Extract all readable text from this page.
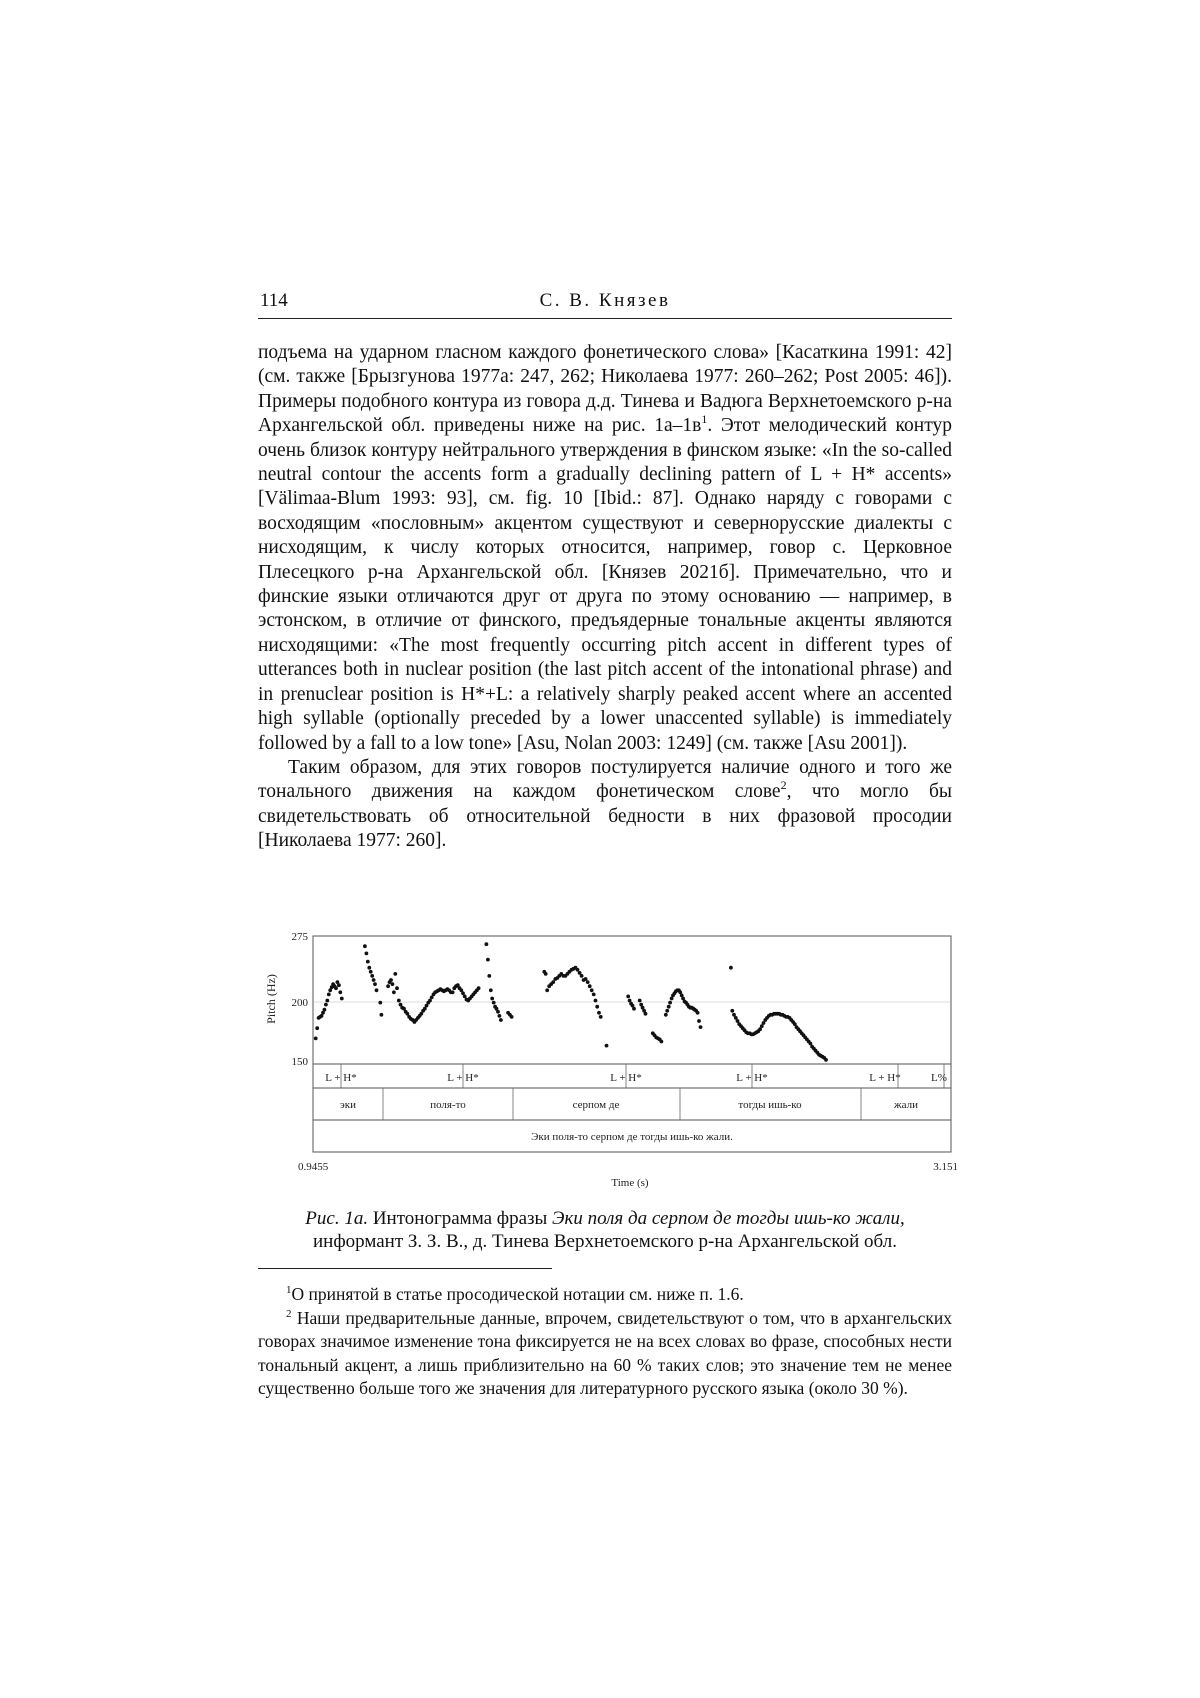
114	С. В. Князев

подъема на ударном гласном каждого фонетического слова» [Касаткина 1991: 42] (см. также [Брызгунова 1977а: 247, 262; Николаева 1977: 260–262; Post 2005: 46]). Примеры подобного контура из говора д.д. Тинева и Вадюга Верхнетоемского р-на Архангельской обл. приведены ниже на рис. $1а-1в^1$. Этот мелодический контур очень близок контуру нейтрального утверждения в финском языке: «In the so-called neutral contour the accents form a gradually declining pattern of L + H* accents» [Välimaa-Blum 1993: 93], см. fig. 10 [Ibid.: 87]. Однако наряду с говорами с восходящим «пословным» акцентом существуют и севернорусские диалекты с нисходящим, к числу которых относится, например, говор с. Церковное Плесецкого р-на Архангельской обл. [Князев 2021б]. Примечательно, что и финские языки отличаются друг от друга по этому основанию — например, в эстонском, в отличие от финского, предъядерные тональные акценты являются нисходящими: «The most frequently occurring pitch accent in different types of utterances both in nuclear position (the last pitch accent of the intonational phrase) and in prenuclear position is H*+L: a relatively sharply peaked accent where an accented high syllable (optionally preceded by a lower unaccented syllable) is immediately followed by a fall to a low tone» [Asu, Nolan 2003: 1249] (см. также [Asu 2001]).

Таким образом, для этих говоров постулируется наличие одного и того же тонального движения на каждом фонетическом слове$^2$, что могло бы свидетельствовать об относительной бедности в них фразовой просодии [Николаева 1977: 260].

Pitch (Hz)
275
200
150
L + H*	L + H*	L + H*	L + H*	L + H*	L%
эки	поля-то	серпом де	тогды ишь-ко	жали
Эки поля-то серпом де тогды ишь-ко жали.
0.9455	3.151
Time (s)
Рис. 1а. Интонограмма фразы Эки поля да серпом де тогды ишь-ко жали,
информант З. З. В., д. Тинева Верхнетоемского р-на Архангельской обл.

$^1$О принятой в статье просодической нотации см. ниже п. 1.6.

$^2$ Наши предварительные данные, впрочем, свидетельствуют о том, что в архангельских говорах значимое изменение тона фиксируется не на всех словах во фразе, способных нести тональный акцент, а лишь приблизительно на 60 % таких слов; это значение тем не менее существенно больше того же значения для литературного русского языка (около 30 %).
